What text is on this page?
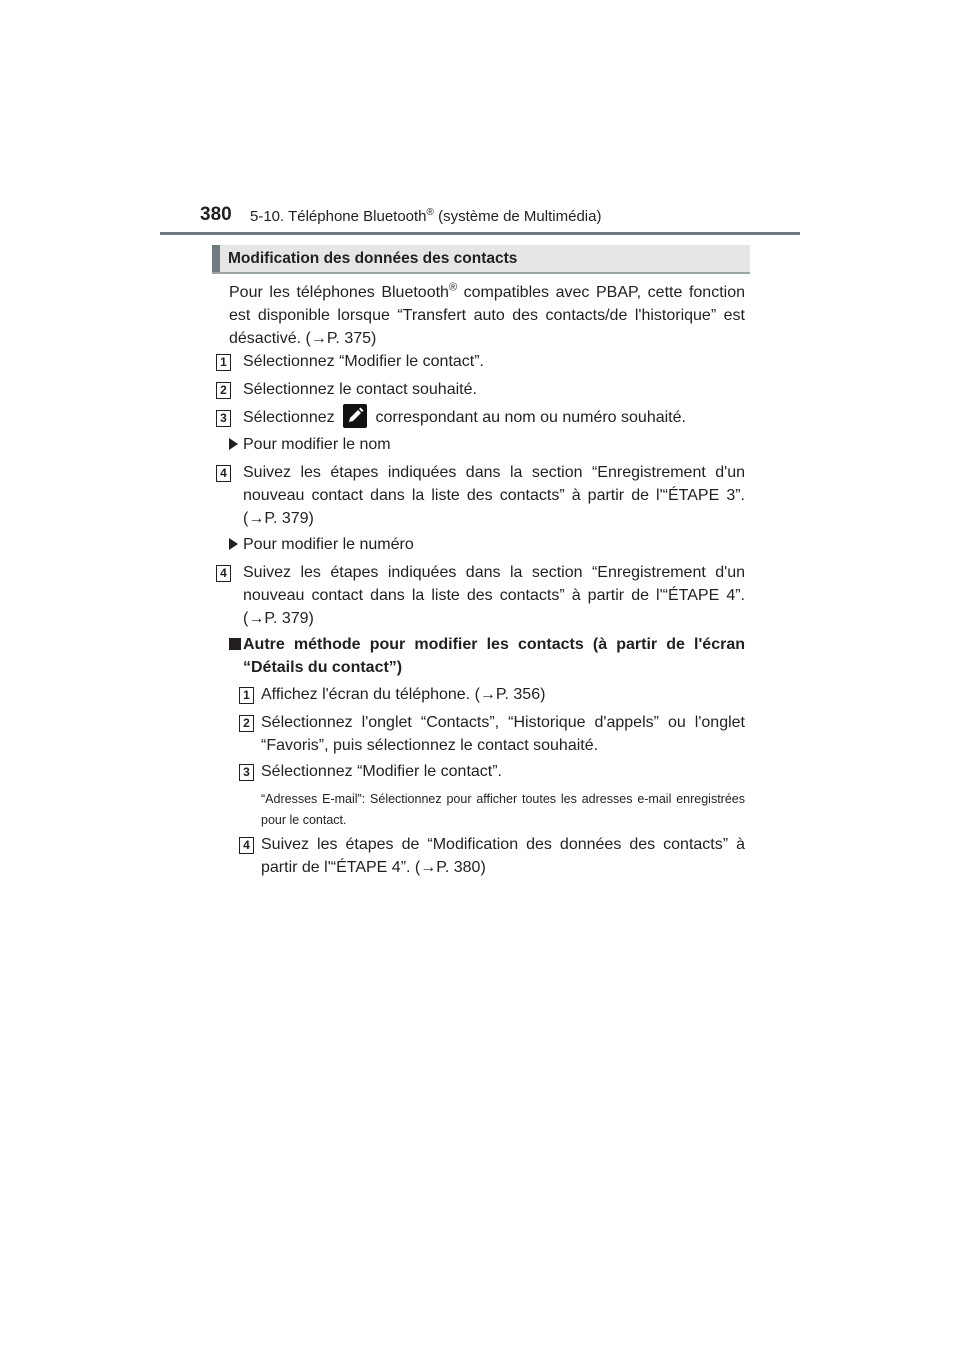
380 5-10. Téléphone Bluetooth® (système de Multimédia)
Modification des données des contacts
Pour les téléphones Bluetooth® compatibles avec PBAP, cette fonction est disponible lorsque “Transfert auto des contacts/de l'historique” est désactivé. (→P. 375)
1 Sélectionnez “Modifier le contact”.
2 Sélectionnez le contact souhaité.
3 Sélectionnez	correspondant au nom ou numéro souhaité.
Pour modifier le nom
4 Suivez les étapes indiquées dans la section “Enregistrement d'un nouveau contact dans la liste des contacts” à partir de l'“ÉTAPE 3”. (→P. 379)
Pour modifier le numéro
4 Suivez les étapes indiquées dans la section “Enregistrement d'un nouveau contact dans la liste des contacts” à partir de l'“ÉTAPE 4”. (→P. 379)
Autre méthode pour modifier les contacts (à partir de l'écran “Détails du contact”)
1 Affichez l'écran du téléphone. (→P. 356)
2 Sélectionnez l'onglet “Contacts”, “Historique d'appels” ou l'onglet “Favoris”, puis sélectionnez le contact souhaité.
3 Sélectionnez “Modifier le contact”.
“Adresses E-mail”: Sélectionnez pour afficher toutes les adresses e-mail enregistrées pour le contact.
4 Suivez les étapes de “Modification des données des contacts” à partir de l'“ÉTAPE 4”. (→P. 380)
